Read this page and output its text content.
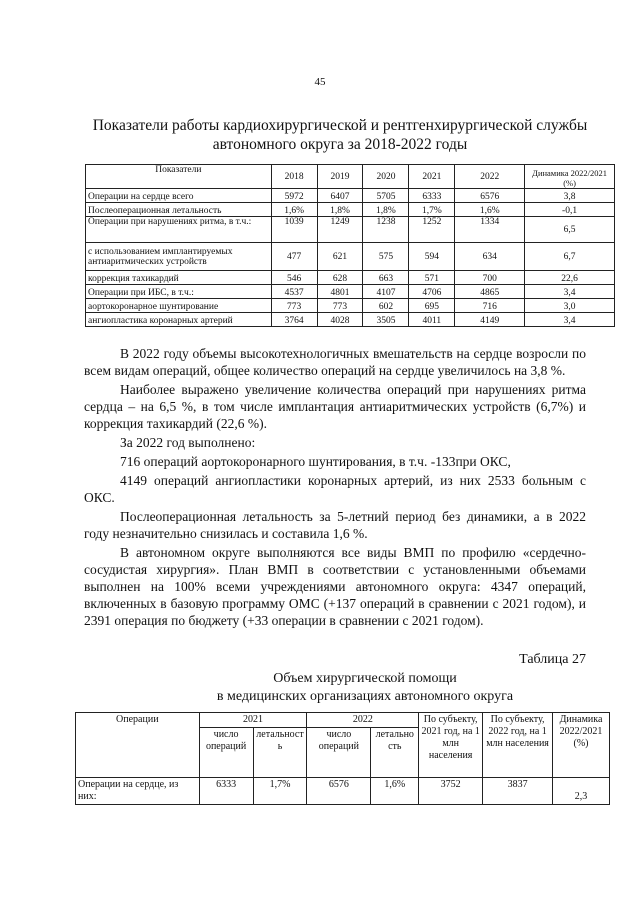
45
Показатели работы кардиохирургической и рентгенхирургической службы
автономного округа за 2018-2022 годы
Показатели	2018	2019	2020	2021	2022	Динамика 2022/2021 (%)
Операции на сердце всего	5972	6407	5705	6333	6576	3,8
Послеоперационная летальность	1,6%	1,8%	1,8%	1,7%	1,6%	-0,1
Операции при нарушениях ритма, в т.ч.:	1039	1249	1238	1252	1334	6,5
с использованием имплантируемых антиаритмических устройств	477	621	575	594	634	6,7
коррекция тахикардий	546	628	663	571	700	22,6
Операции при ИБС, в т.ч.:	4537	4801	4107	4706	4865	3,4
аортокоронарное шунтирование	773	773	602	695	716	3,0
ангиопластика коронарных артерий	3764	4028	3505	4011	4149	3,4

В 2022 году объемы высокотехнологичных вмешательств на сердце возросли по всем видам операций, общее количество операций на сердце увеличилось на 3,8 %.

Наиболее выражено увеличение количества операций при нарушениях ритма сердца – на 6,5 %, в том числе имплантация антиаритмических устройств (6,7%) и коррекция тахикардий (22,6 %).

За 2022 год выполнено:

716 операций аортокоронарного шунтирования, в т.ч. -133при ОКС,

4149 операций ангиопластики коронарных артерий, из них 2533 больным с ОКС.

Послеоперационная летальность за 5-летний период без динамики, а в 2022 году незначительно снизилась и составила 1,6 %.

В автономном округе выполняются все виды ВМП по профилю «сердечно-сосудистая хирургия». План ВМП в соответствии с установленными объемами выполнен на 100% всеми учреждениями автономного округа: 4347 операций, включенных в базовую программу ОМС (+137 операций в сравнении с 2021 годом), и 2391 операция по бюджету (+33 операции в сравнении с 2021 годом).

Таблица 27
Объем хирургической помощи
в медицинских организациях автономного округа
Операции	2021		2022		По субъекту, 2021 год, на 1 млн населения	По субъекту, 2022 год, на 1 млн населения	Динамика 2022/2021 (%)
	число операций	летальность	число операций	летальность			
Операции на сердце, из них:	6333	1,7%	6576	1,6%	3752	3837	2,3
